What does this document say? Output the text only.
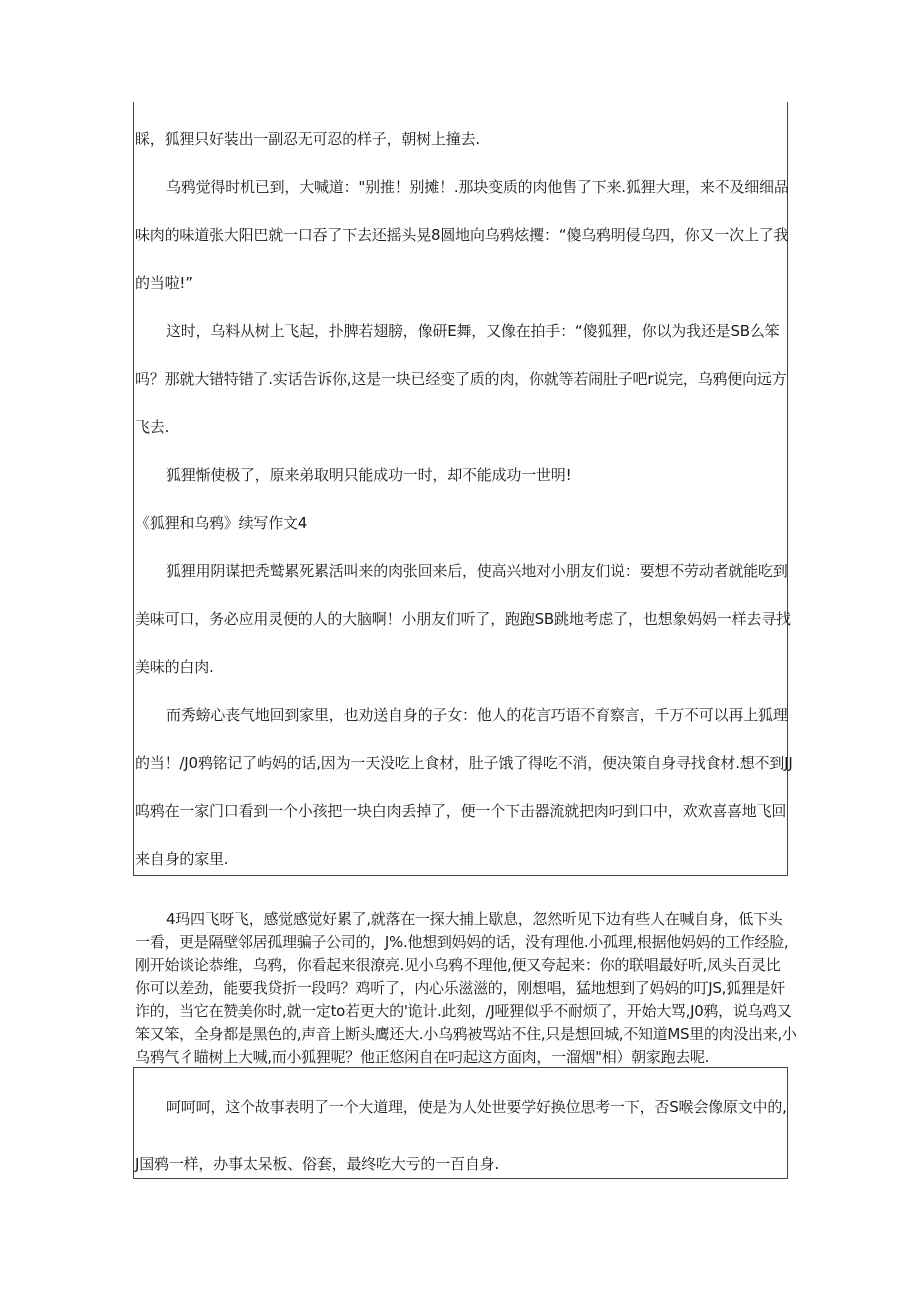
睬，狐狸只好装出一副忍无可忍的样子，朝树上撞去.
乌鸦觉得时机已到，大喊道："别推！别摊！.那块变质的肉他售了下来.狐狸大理，来不及细细品
味肉的味道张大阳巴就一口吞了下去还摇头晃8圆地向乌鸦炫攫：“傻乌鸦明侵乌四，你又一次上了我
的当啦!”
这时，乌料从树上飞起，扑脾若翅膀，像研E舞，又像在拍手：“傻狐狸，你以为我还是SB么笨
吗？那就大错特错了.实话告诉你,这是一块已经变了质的肉，你就等若闹肚子吧r说完，乌鸦便向远方
飞去.
狐狸惭使极了，原来弟取明只能成功一时，却不能成功一世明!
《狐狸和乌鸦》续写作文4
狐狸用阴谋把秃鹫累死累活叫来的肉张回来后，使高兴地对小朋友们说：要想不劳动者就能吃到
美味可口，务必应用灵便的人的大脑啊！小朋友们听了，跑跑SB跳地考虑了，也想象妈妈一样去寻找
美味的白肉.
而秀螃心丧气地回到家里，也劝送自身的子女：他人的花言巧语不育察言，千万不可以再上狐理
的当！/J0鸦铭记了屿妈的话,因为一天没吃上食材，肚子饿了得吃不消，便决策自身寻找食材.想不到JJ
呜鸦在一家门口看到一个小孩把一块白肉丢掉了，便一个下击器流就把肉叼到口中，欢欢喜喜地飞回
来自身的家里.
4玛四飞呀飞，感觉感觉好累了,就落在一探大捕上歇息，忽然听见下边有些人在喊自身，低下头
一看，更是隔壁邻居孤理骗子公司的，J%.他想到妈妈的话，没有理他.小孤理,根据他妈妈的工作经脸,
刚开始谈论恭维，乌鸦，你看起来很潦亮.见小乌鸦不理他,便又夸起来：你的联唱最好听,凤头百灵比
你可以差劲，能要我贷折一段吗？鸡听了，内心乐滋滋的，刚想唱，猛地想到了妈妈的叮JS,狐狸是奸
诈的，当它在赞美你时,就一定to若更大的'诡计.此刻，/J哑狸似乎不耐烦了，开始大骂,J0鸦，说乌鸡又
笨又笨，全身都是黑色的,声音上断头鹰还大.小乌鸦被骂站不住,只是想回城,不知道MS里的肉没出来,小
乌鸦气彳瞄树上大喊,而小狐狸呢？他正悠闲自在叼起这方面肉，一溜烟"相）朝家跑去呢.
呵呵呵，这个故事表明了一个大道理，使是为人处世要学好换位思考一下，否S喉会像原文中的,
J国鸦一样，办事太呆板、俗套，最终吃大亏的一百自身.
